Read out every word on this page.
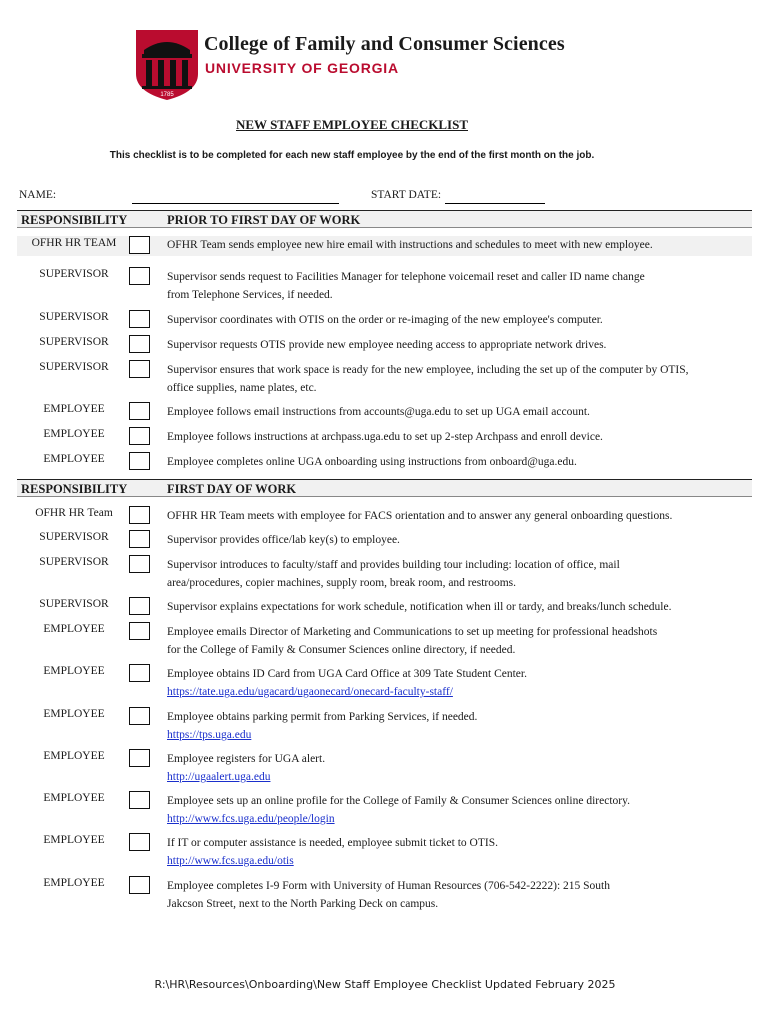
1785
College of Family and Consumer Sciences
UNIVERSITY OF GEORGIA
NEW STAFF EMPLOYEE CHECKLIST
This checklist is to be completed for each new staff employee by the end of the first month on the job.
NAME:	START DATE:
RESPONSIBILITY	PRIOR TO FIRST DAY OF WORK
OFHR HR TEAM	OFHR Team sends employee new hire email with instructions and schedules to meet with new employee.
SUPERVISOR	Supervisor sends request to Facilities Manager for telephone voicemail reset and caller ID name change
from Telephone Services, if needed.
SUPERVISOR	Supervisor coordinates with OTIS on the order or re-imaging of the new employee's computer.
SUPERVISOR	Supervisor requests OTIS provide new employee needing access to appropriate network drives.
SUPERVISOR	Supervisor ensures that work space is ready for the new employee, including the set up of the computer by OTIS,
office supplies, name plates, etc.
EMPLOYEE	Employee follows email instructions from accounts@uga.edu to set up UGA email account.
EMPLOYEE	Employee follows instructions at archpass.uga.edu to set up 2-step Archpass and enroll device.
EMPLOYEE	Employee completes online UGA onboarding using instructions from onboard@uga.edu.
RESPONSIBILITY	FIRST DAY OF WORK
OFHR HR Team	OFHR HR Team meets with employee for FACS orientation and to answer any general onboarding questions.
SUPERVISOR	Supervisor provides office/lab key(s) to employee.
SUPERVISOR	Supervisor introduces to faculty/staff and provides building tour including: location of office, mail
area/procedures, copier machines, supply room, break room, and restrooms.
SUPERVISOR	Supervisor explains expectations for work schedule, notification when ill or tardy, and breaks/lunch schedule.
EMPLOYEE	Employee emails Director of Marketing and Communications to set up meeting for professional headshots
for the College of Family & Consumer Sciences online directory, if needed.
EMPLOYEE	Employee obtains ID Card from UGA Card Office at 309 Tate Student Center.
https://tate.uga.edu/ugacard/ugaonecard/onecard-faculty-staff/
EMPLOYEE	Employee obtains parking permit from Parking Services, if needed.
https://tps.uga.edu
EMPLOYEE	Employee registers for UGA alert.
http://ugaalert.uga.edu
EMPLOYEE	Employee sets up an online profile for the College of Family & Consumer Sciences online directory.
http://www.fcs.uga.edu/people/login
EMPLOYEE	If IT or computer assistance is needed, employee submit ticket to OTIS.
http://www.fcs.uga.edu/otis
EMPLOYEE	Employee completes I-9 Form with University of Human Resources (706-542-2222): 215 South
Jakcson Street, next to the North Parking Deck on campus.
R:\HR\Resources\Onboarding\New Staff Employee Checklist Updated February 2025
